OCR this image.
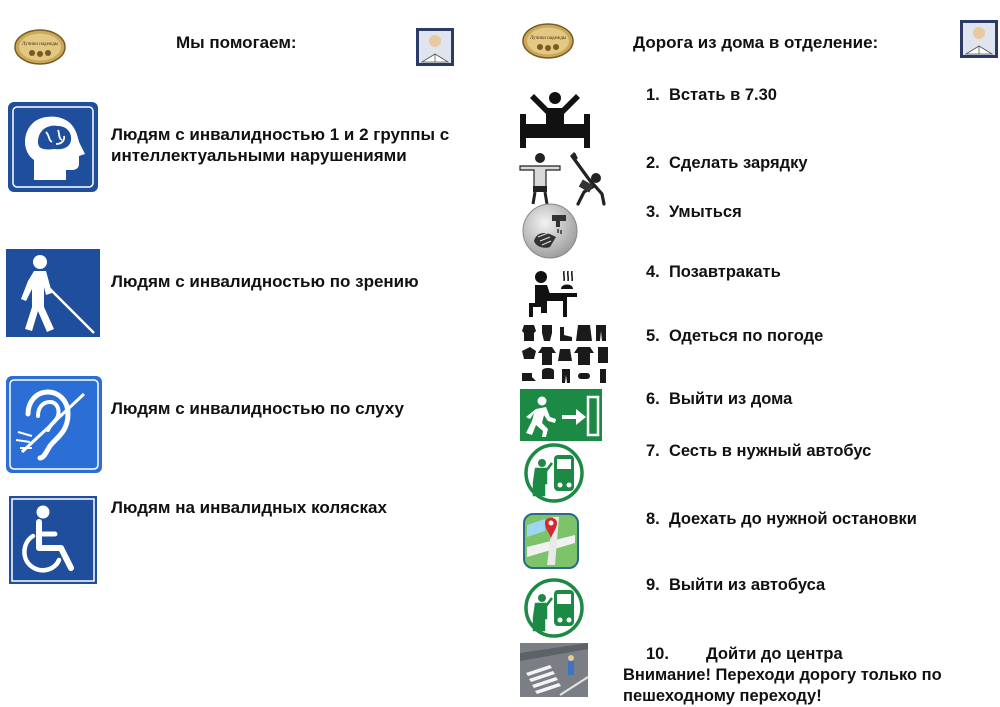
Лучики надежды	Мы помогаем:
Людям с инвалидностью 1 и 2 группы с интеллектуальными нарушениями
Людям с инвалидностью по зрению
Людям с инвалидностью по слуху
Людям на инвалидных колясках
Лучики надежды	Дорога из дома в отделение:
1. Встать в 7.30
2. Сделать зарядку
3. Умыться
4. Позавтракать
5. Одеться по погоде
6. Выйти из дома
7. Сесть в нужный автобус
8. Доехать до нужной остановки
9. Выйти из автобуса
10. Дойти до центра
Внимание! Переходи дорогу только по пешеходному переходу!
